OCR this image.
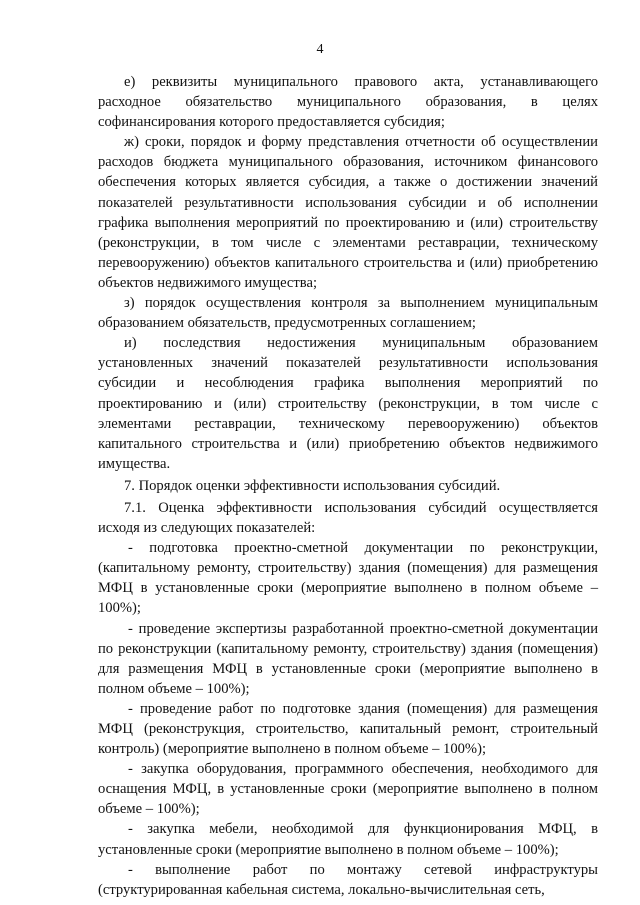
4

е) реквизиты муниципального правового акта, устанавливающего расходное обязательство муниципального образования, в целях софинансирования которого предоставляется субсидия;

ж) сроки, порядок и форму представления отчетности об осуществлении расходов бюджета муниципального образования, источником финансового обеспечения которых является субсидия, а также о достижении значений показателей результативности использования субсидии и об исполнении графика выполнения мероприятий по проектированию и (или) строительству (реконструкции, в том числе с элементами реставрации, техническому перевооружению) объектов капитального строительства и (или) приобретению объектов недвижимого имущества;

з) порядок осуществления контроля за выполнением муниципальным образованием обязательств, предусмотренных соглашением;

и) последствия недостижения муниципальным образованием установленных значений показателей результативности использования субсидии и несоблюдения графика выполнения мероприятий по проектированию и (или) строительству (реконструкции, в том числе с элементами реставрации, техническому перевооружению) объектов капитального строительства и (или) приобретению объектов недвижимого имущества.

7. Порядок оценки эффективности использования субсидий.

7.1. Оценка эффективности использования субсидий осуществляется исходя из следующих показателей:

- подготовка проектно-сметной документации по реконструкции, (капитальному ремонту, строительству) здания (помещения) для размещения МФЦ в установленные сроки (мероприятие выполнено в полном объеме – 100%);

- проведение экспертизы разработанной проектно-сметной документации по реконструкции (капитальному ремонту, строительству) здания (помещения) для размещения МФЦ в установленные сроки (мероприятие выполнено в полном объеме – 100%);

- проведение работ по подготовке здания (помещения) для размещения МФЦ (реконструкция, строительство, капитальный ремонт, строительный контроль) (мероприятие выполнено в полном объеме – 100%);

- закупка оборудования, программного обеспечения, необходимого для оснащения МФЦ, в установленные сроки (мероприятие выполнено в полном объеме – 100%);

- закупка мебели, необходимой для функционирования МФЦ, в установленные сроки (мероприятие выполнено в полном объеме – 100%);

- выполнение работ по монтажу сетевой инфраструктуры (структурированная кабельная система, локально-вычислительная сеть,
